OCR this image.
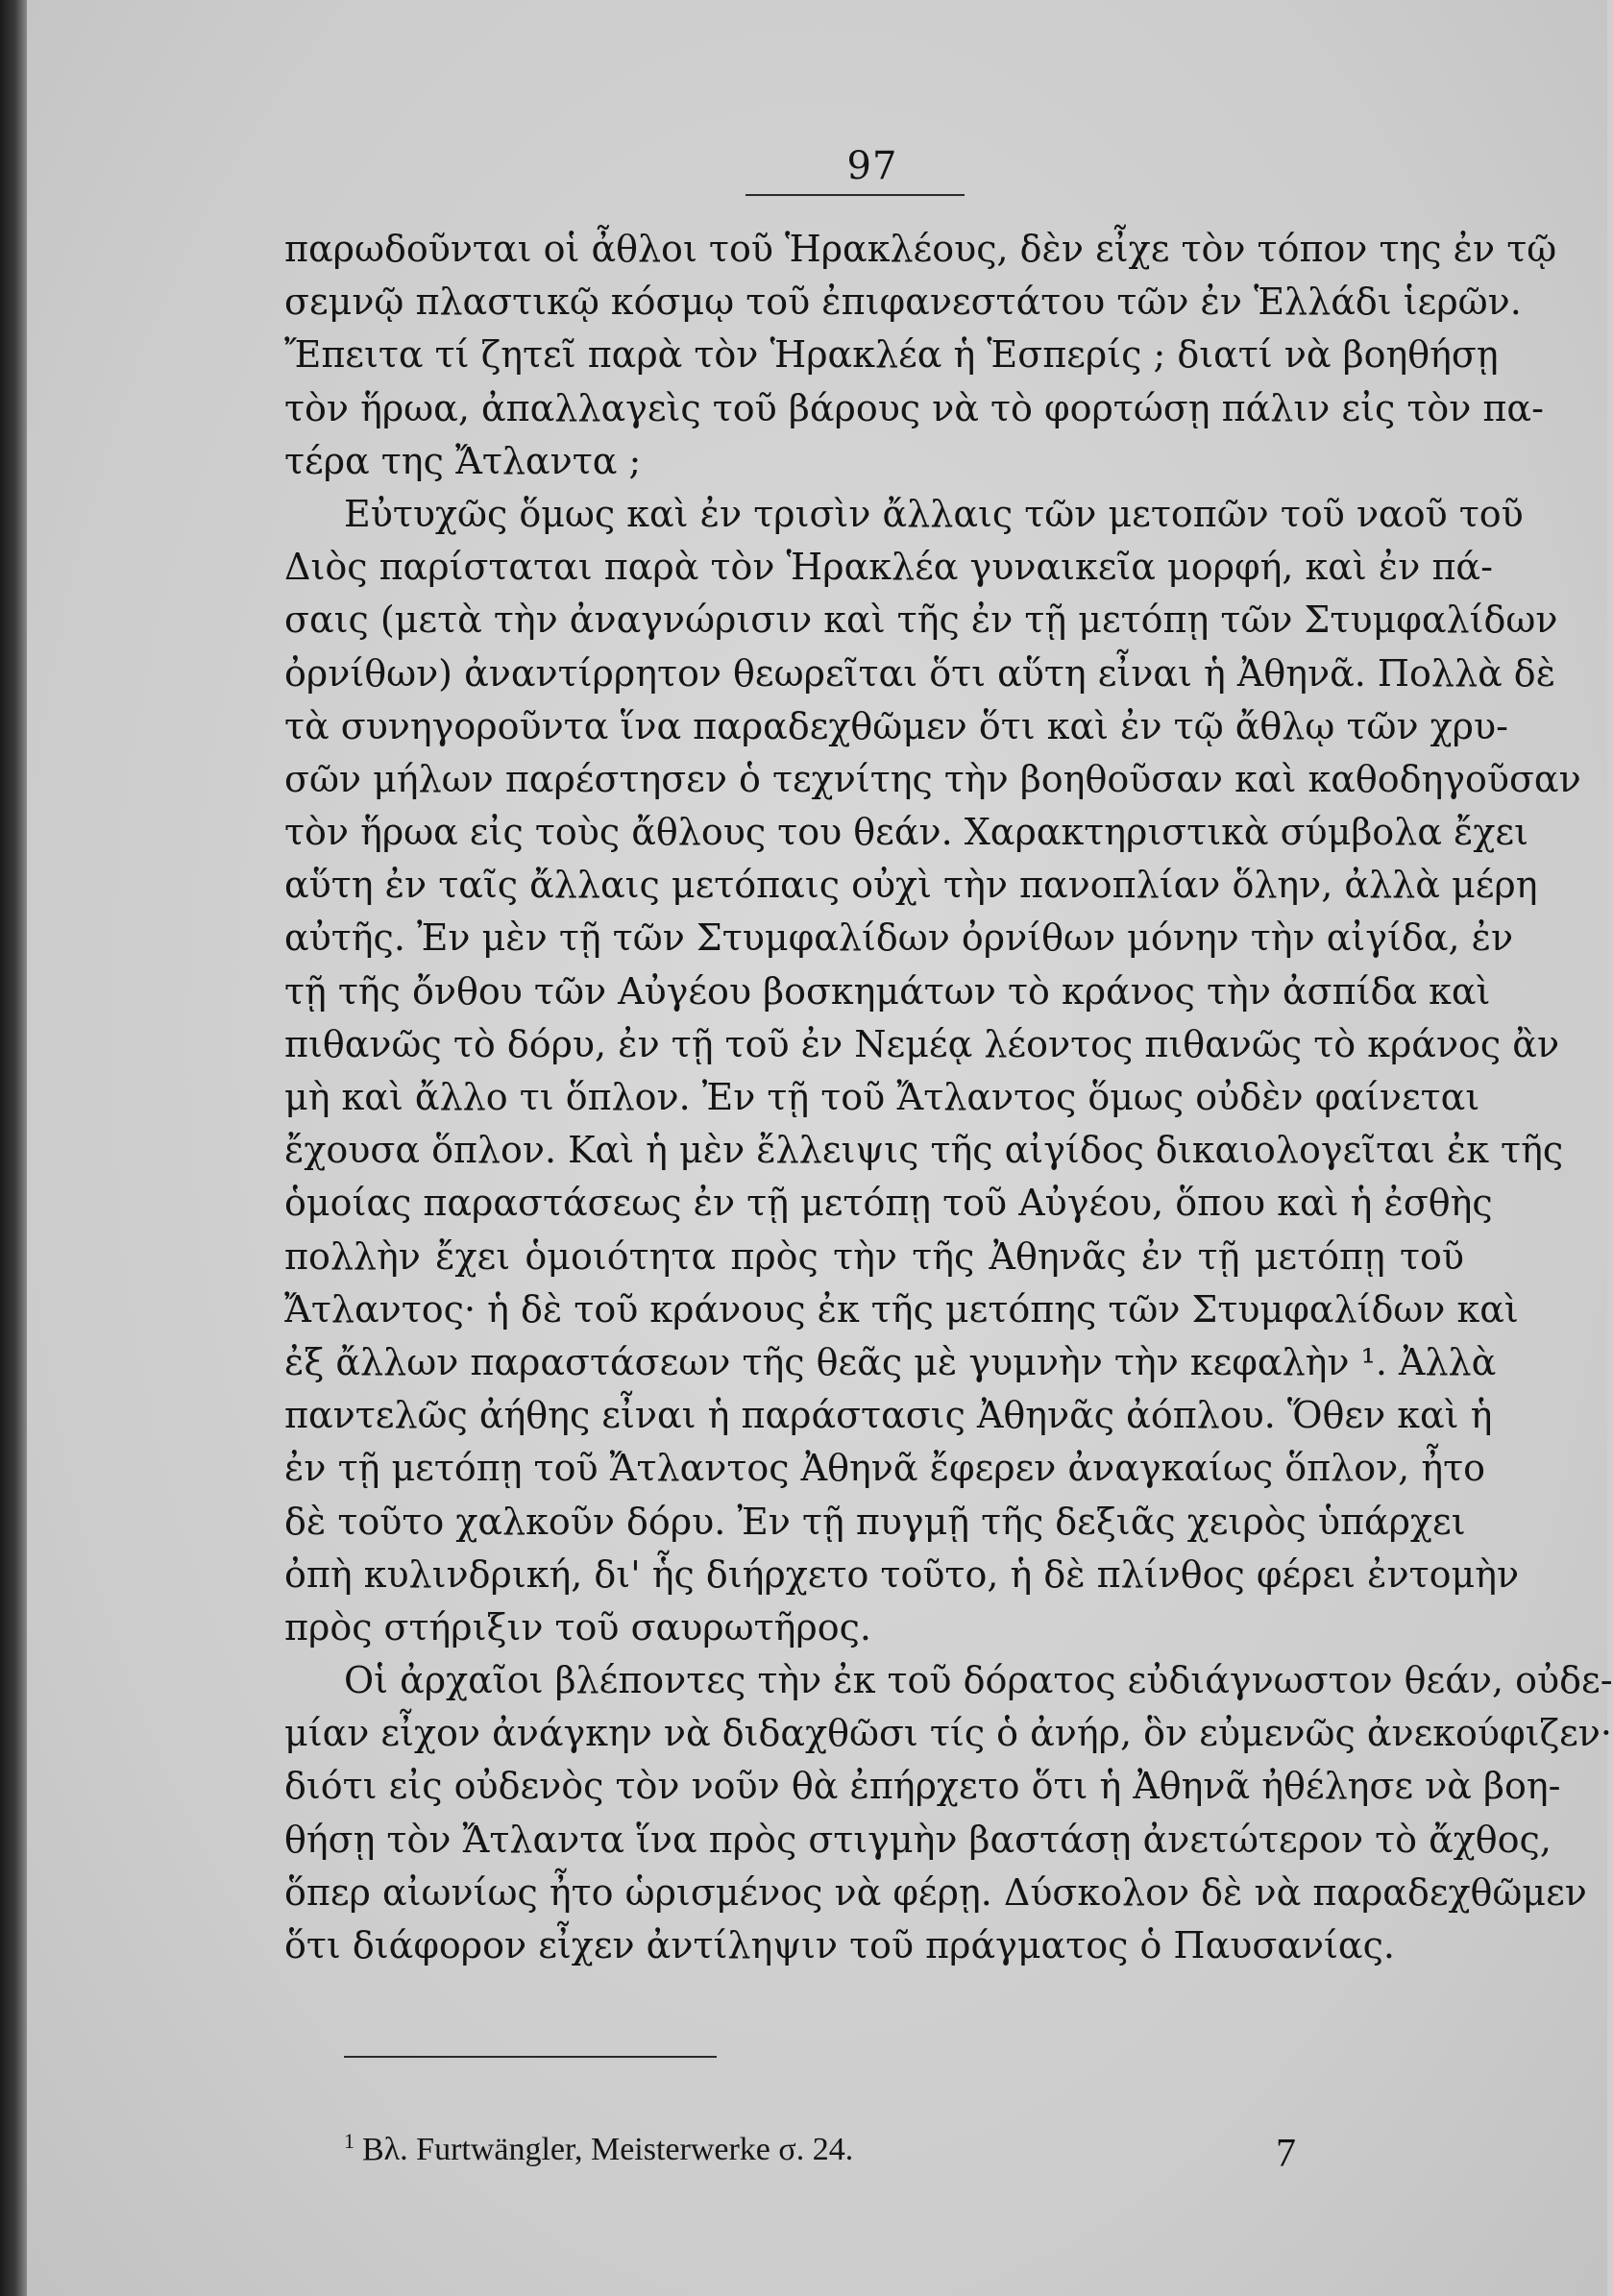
97
παρωδοῦνται οἱ ἆθλοι τοῦ Ἡρακλέους, δὲν εἶχε τὸν τόπον της ἐν τῷ
σεμνῷ πλαστικῷ κόσμῳ τοῦ ἐπιφανεστάτου τῶν ἐν Ἑλλάδι ἱερῶν.
Ἔπειτα τί ζητεῖ παρὰ τὸν Ἡρακλέα ἡ Ἑσπερίς ; διατί νὰ βοηθήσῃ
τὸν ἥρωα, ἀπαλλαγεὶς τοῦ βάρους νὰ τὸ φορτώσῃ πάλιν εἰς τὸν πα-
τέρα της Ἄτλαντα ;
Εὐτυχῶς ὅμως καὶ ἐν τρισὶν ἄλλαις τῶν μετοπῶν τοῦ ναοῦ τοῦ
Διὸς παρίσταται παρὰ τὸν Ἡρακλέα γυναικεῖα μορφή, καὶ ἐν πά-
σαις (μετὰ τὴν ἀναγνώρισιν καὶ τῆς ἐν τῇ μετόπῃ τῶν Στυμφαλίδων
ὀρνίθων) ἀναντίρρητον θεωρεῖται ὅτι αὕτη εἶναι ἡ Ἀθηνᾶ. Πολλὰ δὲ
τὰ συνηγοροῦντα ἵνα παραδεχθῶμεν ὅτι καὶ ἐν τῷ ἄθλῳ τῶν χρυ-
σῶν μήλων παρέστησεν ὁ τεχνίτης τὴν βοηθοῦσαν καὶ καθοδηγοῦσαν
τὸν ἥρωα εἰς τοὺς ἄθλους του θεάν. Χαρακτηριστικὰ σύμβολα ἔχει
αὕτη ἐν ταῖς ἄλλαις μετόπαις οὐχὶ τὴν πανοπλίαν ὅλην, ἀλλὰ μέρη
αὐτῆς. Ἐν μὲν τῇ τῶν Στυμφαλίδων ὀρνίθων μόνην τὴν αἰγίδα, ἐν
τῇ τῆς ὄνθου τῶν Αὐγέου βοσκημάτων τὸ κράνος τὴν ἀσπίδα καὶ
πιθανῶς τὸ δόρυ, ἐν τῇ τοῦ ἐν Νεμέᾳ λέοντος πιθανῶς τὸ κράνος ἂν
μὴ καὶ ἄλλο τι ὅπλον. Ἐν τῇ τοῦ Ἄτλαντος ὅμως οὐδὲν φαίνεται
ἔχουσα ὅπλον. Καὶ ἡ μὲν ἔλλειψις τῆς αἰγίδος δικαιολογεῖται ἐκ τῆς
ὁμοίας παραστάσεως ἐν τῇ μετόπῃ τοῦ Αὐγέου, ὅπου καὶ ἡ ἐσθὴς
πολλὴν ἔχει ὁμοιότητα πρὸς τὴν τῆς Ἀθηνᾶς ἐν τῇ μετόπῃ τοῦ
Ἄτλαντος· ἡ δὲ τοῦ κράνους ἐκ τῆς μετόπης τῶν Στυμφαλίδων καὶ
ἐξ ἄλλων παραστάσεων τῆς θεᾶς μὲ γυμνὴν τὴν κεφαλὴν ¹. Ἀλλὰ
παντελῶς ἀήθης εἶναι ἡ παράστασις Ἀθηνᾶς ἀόπλου. Ὅθεν καὶ ἡ
ἐν τῇ μετόπῃ τοῦ Ἄτλαντος Ἀθηνᾶ ἔφερεν ἀναγκαίως ὅπλον, ἦτο
δὲ τοῦτο χαλκοῦν δόρυ. Ἐν τῇ πυγμῇ τῆς δεξιᾶς χειρὸς ὑπάρχει
ὀπὴ κυλινδρική, δι' ἧς διήρχετο τοῦτο, ἡ δὲ πλίνθος φέρει ἐντομὴν
πρὸς στήριξιν τοῦ σαυρωτῆρος.
Οἱ ἀρχαῖοι βλέποντες τὴν ἐκ τοῦ δόρατος εὐδιάγνωστον θεάν, οὐδε-
μίαν εἶχον ἀνάγκην νὰ διδαχθῶσι τίς ὁ ἀνήρ, ὃν εὐμενῶς ἀνεκούφιζεν·
διότι εἰς οὐδενὸς τὸν νοῦν θὰ ἐπήρχετο ὅτι ἡ Ἀθηνᾶ ἠθέλησε νὰ βοη-
θήσῃ τὸν Ἄτλαντα ἵνα πρὸς στιγμὴν βαστάσῃ ἀνετώτερον τὸ ἄχθος,
ὅπερ αἰωνίως ἦτο ὡρισμένος νὰ φέρῃ. Δύσκολον δὲ νὰ παραδεχθῶμεν
ὅτι διάφορον εἶχεν ἀντίληψιν τοῦ πράγματος ὁ Παυσανίας.
$^1$ Βλ. Furtwängler, Meisterwerke σ. 24.	7
